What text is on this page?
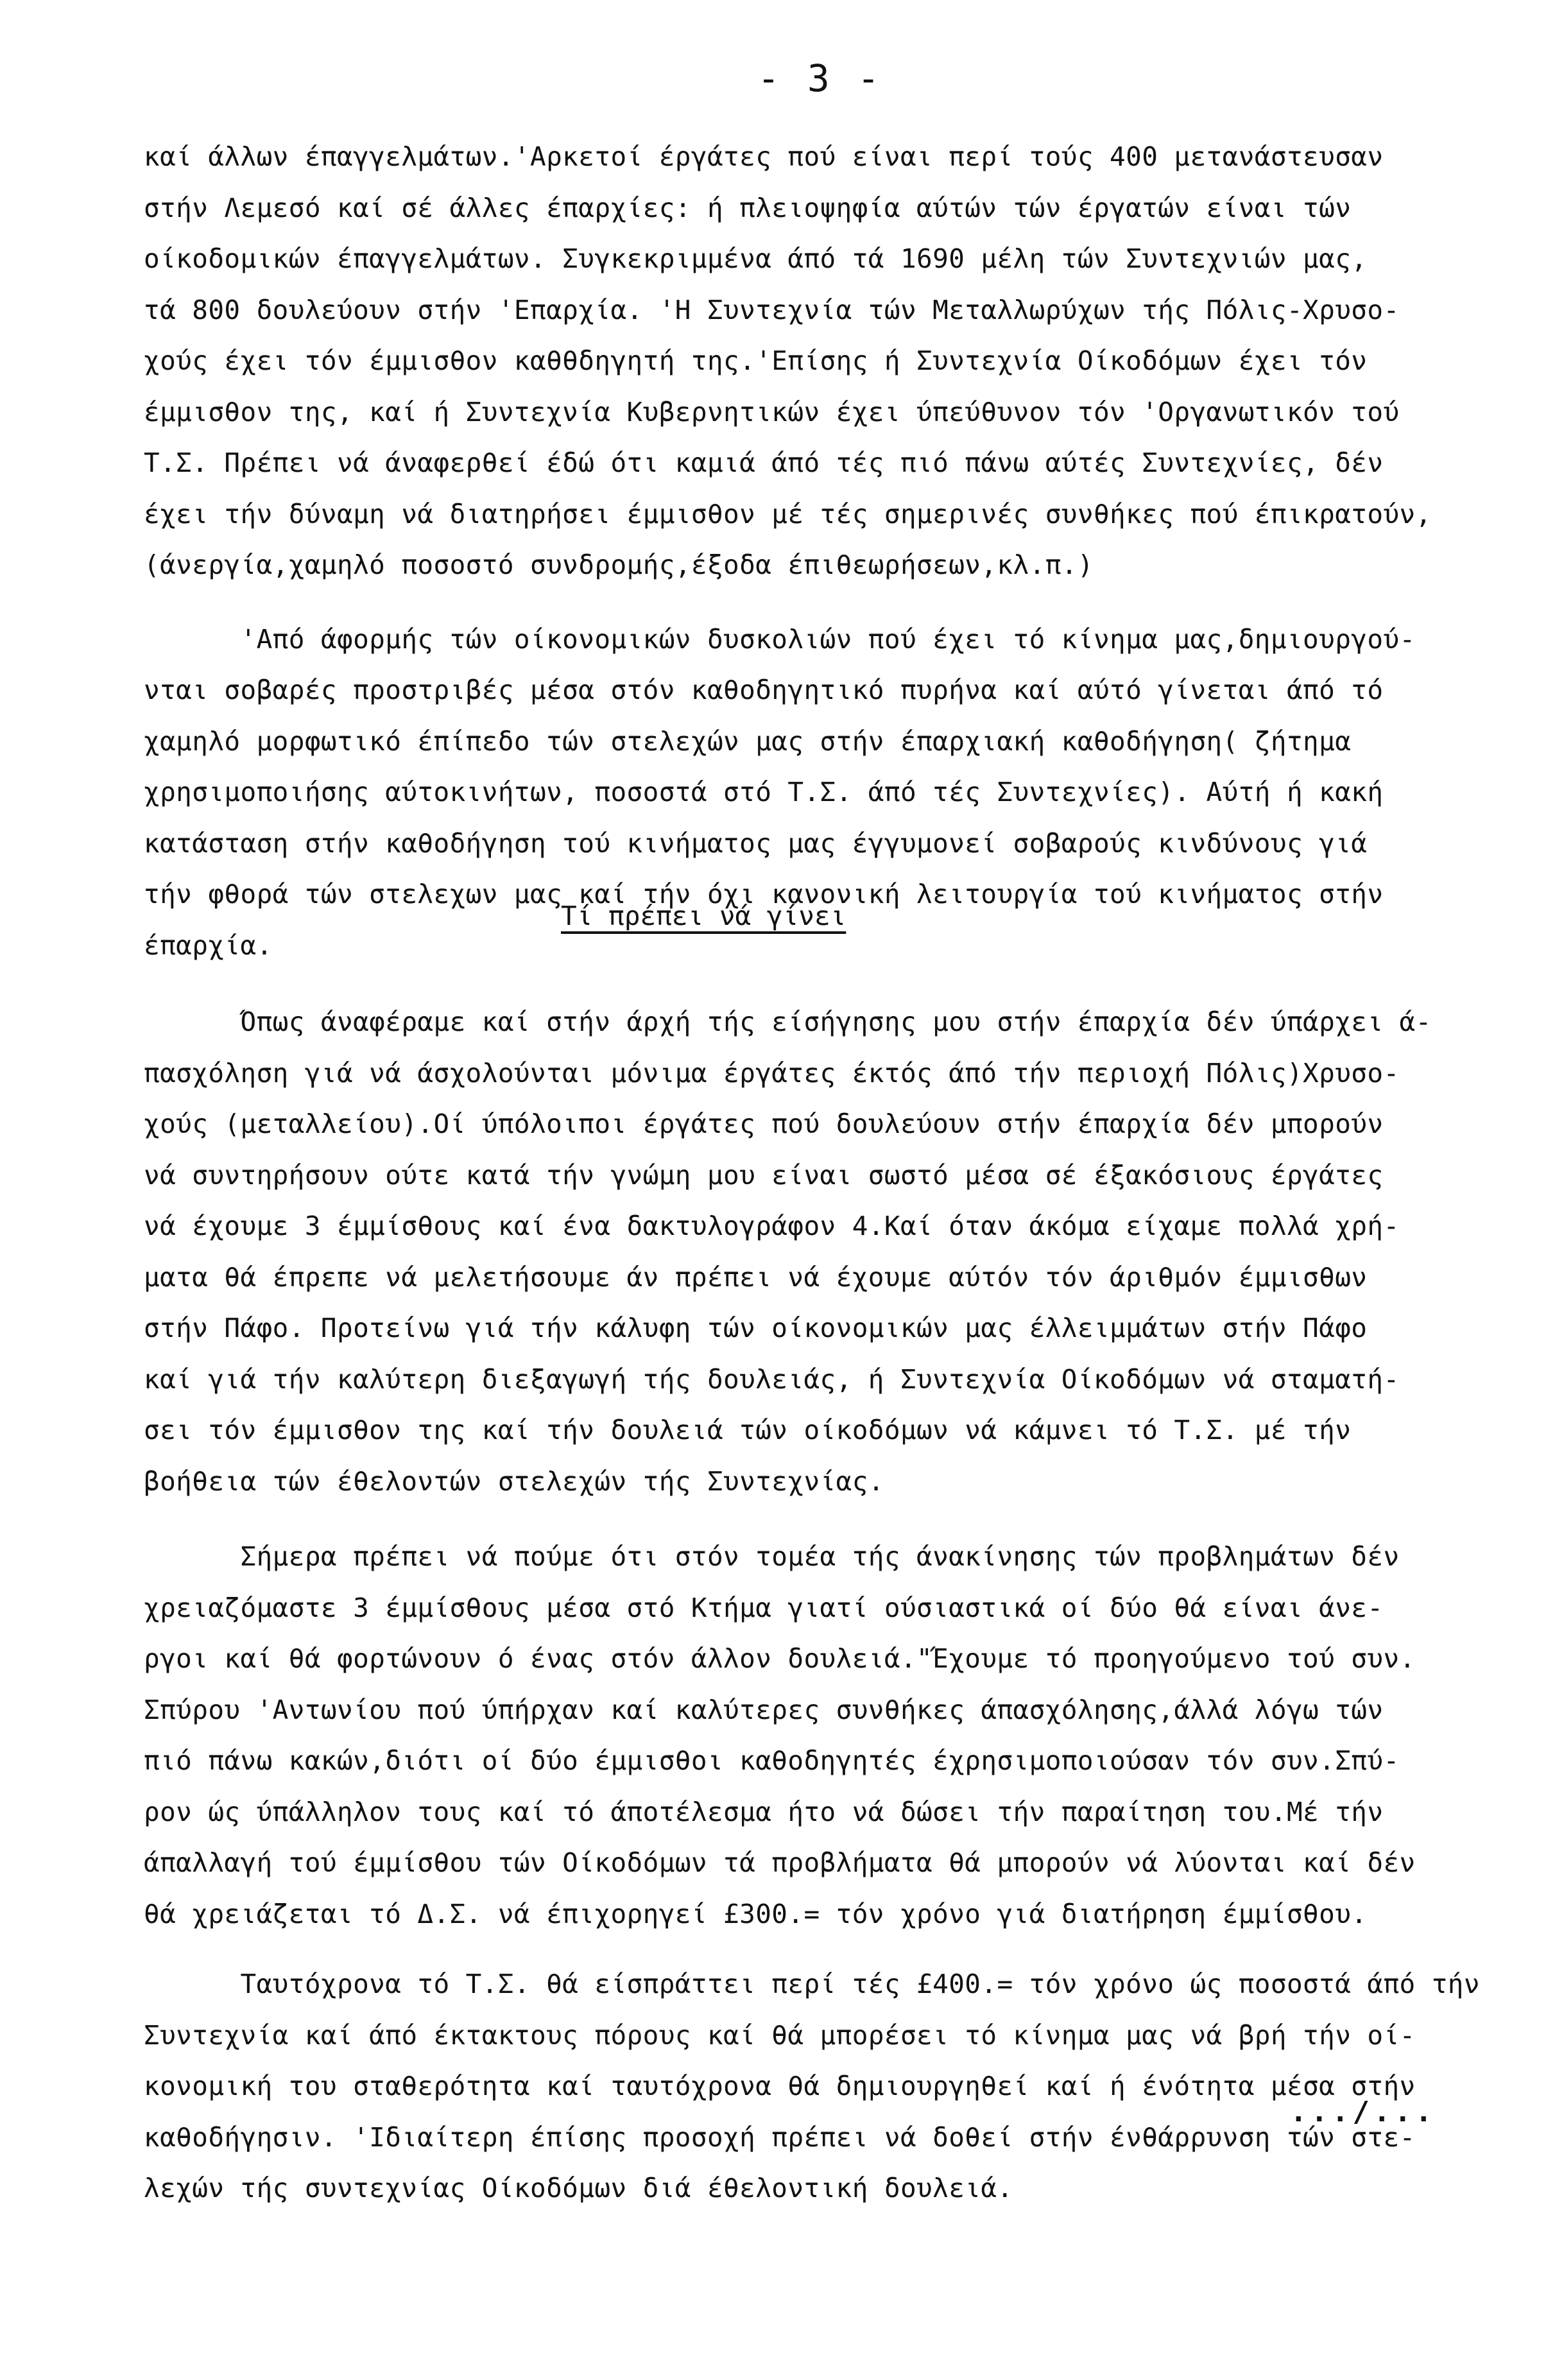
- 3 -

καί άλλων έπαγγελμάτων.'Αρκετοί έργάτες πού είναι περί τούς 400 μετανάστευσαν
στήν Λεμεσό καί σέ άλλες έπαρχίες: ή πλειοψηφία αύτών τών έργατών είναι τών
οίκοδομικών έπαγγελμάτων. Συγκεκριμμένα άπό τά 1690 μέλη τών Συντεχνιών μας,
τά 800 δουλεύουν στήν 'Επαρχία. 'Η Συντεχνία τών Μεταλλωρύχων τής Πόλις-Χρυσο-
χούς έχει τόν έμμισθον καθθδηγητή της.'Επίσης ή Συντεχνία Οίκοδόμων έχει τόν
έμμισθον της, καί ή Συντεχνία Κυβερνητικών έχει ύπεύθυνον τόν 'Οργανωτικόν τού
Τ.Σ. Πρέπει νά άναφερθεί έδώ ότι καμιά άπό τές πιό πάνω αύτές Συντεχνίες, δέν
έχει τήν δύναμη νά διατηρήσει έμμισθον μέ τές σημερινές συνθήκες πού έπικρατούν,
(άνεργία,χαμηλό ποσοστό συνδρομής,έξοδα έπιθεωρήσεων,κλ.π.)

'Από άφορμής τών οίκονομικών δυσκολιών πού έχει τό κίνημα μας,δημιουργού-
νται σοβαρές προστριβές μέσα στόν καθοδηγητικό πυρήνα καί αύτό γίνεται άπό τό
χαμηλό μορφωτικό έπίπεδο τών στελεχών μας στήν έπαρχιακή καθοδήγηση( ζήτημα
χρησιμοποιήσης αύτοκινήτων, ποσοστά στό Τ.Σ. άπό τές Συντεχνίες). Αύτή ή κακή
κατάσταση στήν καθοδήγηση τού κινήματος μας έγγυμονεί σοβαρούς κινδύνους γιά
τήν φθορά τών στελεχων μας καί τήν όχι κανονική λειτουργία τού κινήματος στήν
έπαρχία.

Όπως άναφέραμε καί στήν άρχή τής είσήγησης μου στήν έπαρχία δέν ύπάρχει ά-
πασχόληση γιά νά άσχολούνται μόνιμα έργάτες έκτός άπό τήν περιοχή Πόλις)Χρυσο-
χούς (μεταλλείου).Οί ύπόλοιποι έργάτες πού δουλεύουν στήν έπαρχία δέν μπορούν
νά συντηρήσουν ούτε κατά τήν γνώμη μου είναι σωστό μέσα σέ έξακόσιους έργάτες
νά έχουμε 3 έμμίσθους καί ένα δακτυλογράφον 4.Καί όταν άκόμα είχαμε πολλά χρή-
ματα θά έπρεπε νά μελετήσουμε άν πρέπει νά έχουμε αύτόν τόν άριθμόν έμμισθων
στήν Πάφο. Προτείνω γιά τήν κάλυφη τών οίκονομικών μας έλλειμμάτων στήν Πάφο
καί γιά τήν καλύτερη διεξαγωγή τής δουλειάς, ή Συντεχνία Οίκοδόμων νά σταματή-
σει τόν έμμισθον της καί τήν δουλειά τών οίκοδόμων νά κάμνει τό Τ.Σ. μέ τήν
βοήθεια τών έθελοντών στελεχών τής Συντεχνίας.

Σήμερα πρέπει νά πούμε ότι στόν τομέα τής άνακίνησης τών προβλημάτων δέν
χρειαζόμαστε 3 έμμίσθους μέσα στό Κτήμα γιατί ούσιαστικά οί δύο θά είναι άνε-
ργοι καί θά φορτώνουν ό ένας στόν άλλον δουλειά."Έχουμε τό προηγούμενο τού συν.
Σπύρου 'Αντωνίου πού ύπήρχαν καί καλύτερες συνθήκες άπασχόλησης,άλλά λόγω τών
πιό πάνω κακών,διότι οί δύο έμμισθοι καθοδηγητές έχρησιμοποιούσαν τόν συν.Σπύ-
ρον ώς ύπάλληλον τους καί τό άποτέλεσμα ήτο νά δώσει τήν παραίτηση του.Μέ τήν
άπαλλαγή τού έμμίσθου τών Οίκοδόμων τά προβλήματα θά μπορούν νά λύονται καί δέν
θά χρειάζεται τό Δ.Σ. νά έπιχορηγεί £300.= τόν χρόνο γιά διατήρηση έμμίσθου.

Ταυτόχρονα τό Τ.Σ. θά είσπράττει περί τές £400.= τόν χρόνο ώς ποσοστά άπό τήν
Συντεχνία καί άπό έκτακτους πόρους καί θά μπορέσει τό κίνημα μας νά βρή τήν οί-
κονομική του σταθερότητα καί ταυτόχρονα θά δημιουργηθεί καί ή ένότητα μέσα στήν
καθοδήγησιν. 'Ιδιαίτερη έπίσης προσοχή πρέπει νά δοθεί στήν ένθάρρυνση τών στε-
λεχών τής συντεχνίας Οίκοδόμων διά έθελοντική δουλειά.

Τί πρέπει νά γίνει
.../...
